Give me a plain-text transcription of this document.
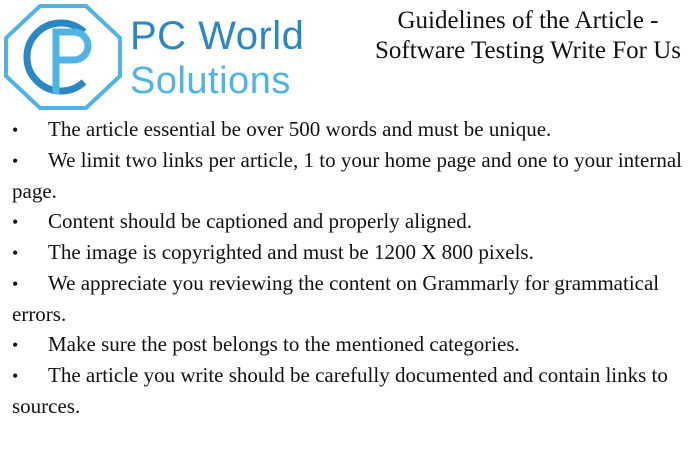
PC World
Solutions
Guidelines of the Article - Software Testing Write For Us
• The article essential be over 500 words and must be unique.
• We limit two links per article, 1 to your home page and one to your internal page.
• Content should be captioned and properly aligned.
• The image is copyrighted and must be 1200 X 800 pixels.
• We appreciate you reviewing the content on Grammarly for grammatical errors.
• Make sure the post belongs to the mentioned categories.
• The article you write should be carefully documented and contain links to sources.
